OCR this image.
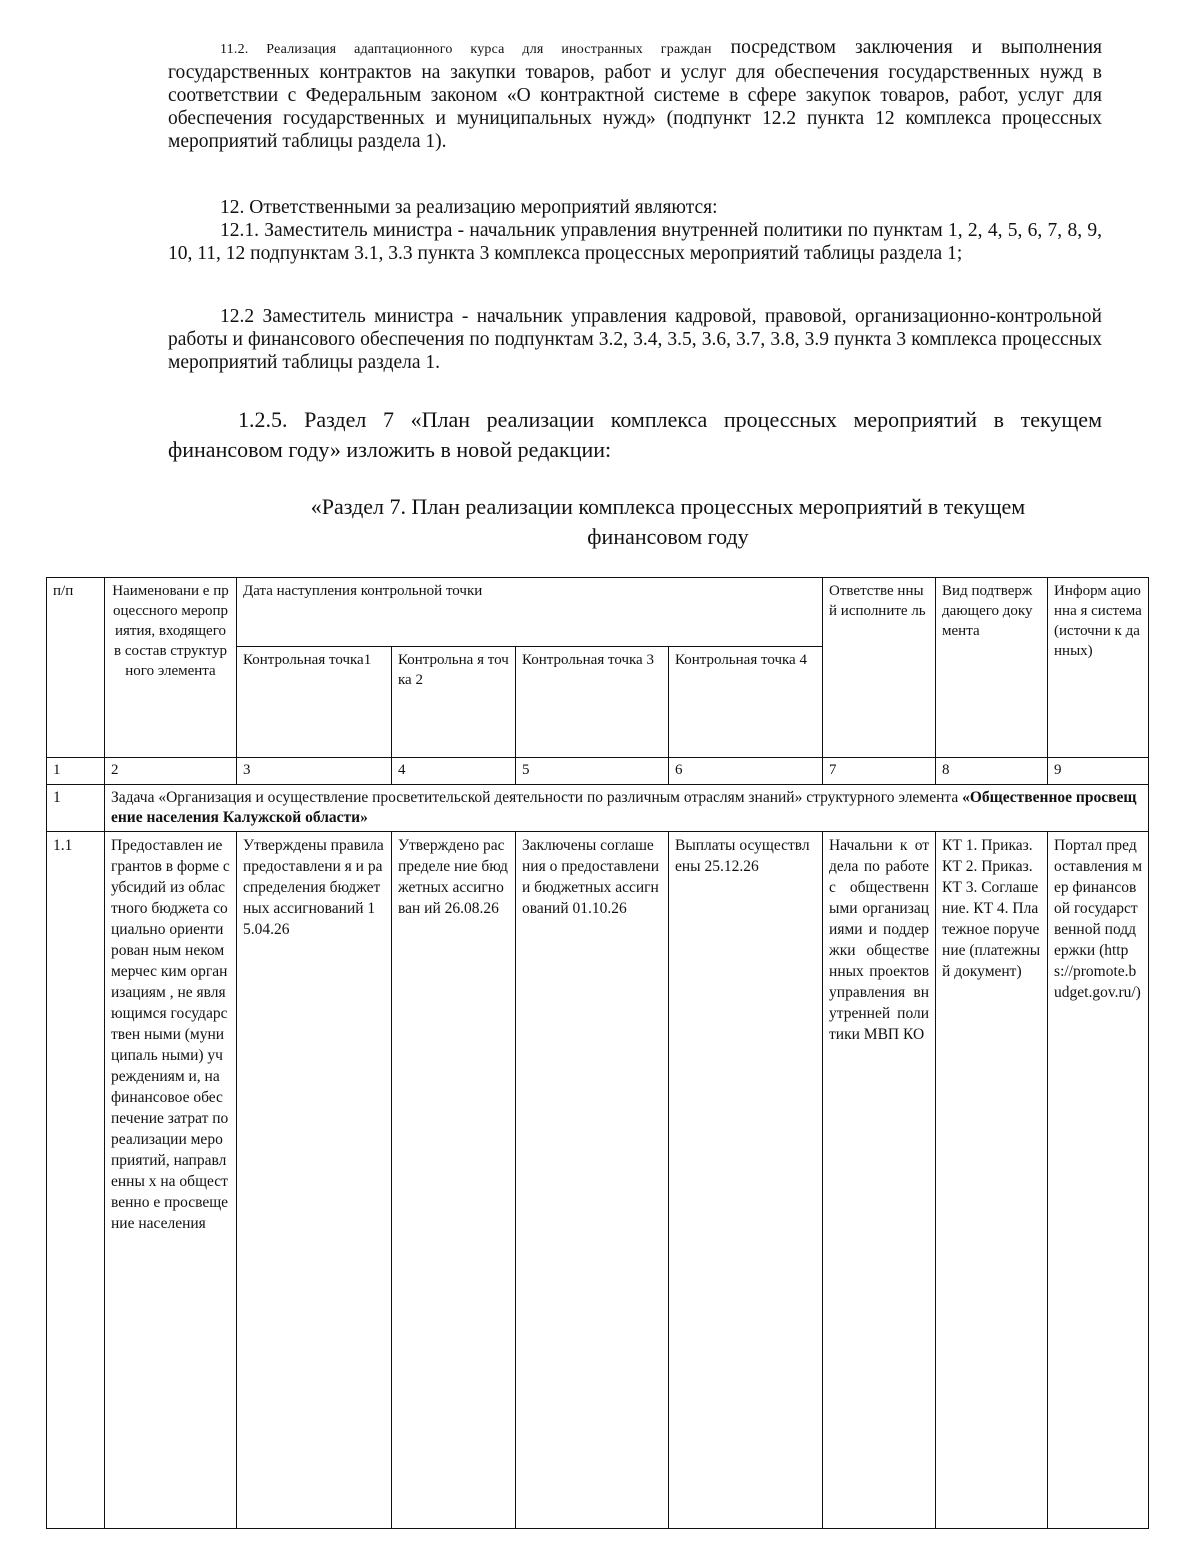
11.2. Реализация адаптационного курса для иностранных граждан посредством заключения и выполнения государственных контрактов на закупки товаров, работ и услуг для обеспечения государственных нужд в соответствии с Федеральным законом «О контрактной системе в сфере закупок товаров, работ, услуг для обеспечения государственных и муниципальных нужд» (подпункт 12.2 пункта 12 комплекса процессных мероприятий таблицы раздела 1).

12. Ответственными за реализацию мероприятий являются:

12.1. Заместитель министра - начальник управления внутренней политики по пунктам 1, 2, 4, 5, 6, 7, 8, 9, 10, 11, 12 подпунктам 3.1, 3.3 пункта 3 комплекса процессных мероприятий таблицы раздела 1;

12.2 Заместитель министра - начальник управления кадровой, правовой, организационно-контрольной работы и финансового обеспечения по подпунктам 3.2, 3.4, 3.5, 3.6, 3.7, 3.8, 3.9 пункта 3 комплекса процессных мероприятий таблицы раздела 1.

1.2.5. Раздел 7 «План реализации комплекса процессных мероприятий в текущем финансовом году» изложить в новой редакции:

«Раздел 7. План реализации комплекса процессных мероприятий в текущем
финансовом году
п/п	Наименовани е процессного мероприятия, входящего в состав структурного элемента	Дата наступления контрольной точки				Ответстве нный исполните ль	Вид подтверж дающего документа	Информ ационна я система (источни к данных)
		Контрольная точка1	Контрольна я точка 2	Контрольная точка 3	Контрольная точка 4			
1	2	3	4	5	6	7	8	9
1	Задача «Организация и осуществление просветительской деятельности по различным отраслям знаний» структурного элемента «Общественное просвещение населения Калужской области»							
1.1	Предоставлен ие грантов в форме субсидий из областного бюджета социально ориентирован ным некоммерчес ким организациям , не являющимся государствен ными (муниципаль ными) учреждениям и, на финансовое обеспечение затрат по реализации мероприятий, направленны х на общественно е просвещение населения	Утверждены правила предоставлени я и распределения бюджетных ассигнований 15.04.26	Утверждено распределе ние бюджетных ассигнован ий 26.08.26	Заключены соглашения о предоставлени и бюджетных ассигнований 01.10.26	Выплаты осуществлены 25.12.26	Начальни к отдела по работе с общественными организациями и поддержки общественных проектов управления внутренней политики МВП КО	КТ 1. Приказ. КТ 2. Приказ. КТ 3. Соглашение. КТ 4. Платежное поручение (платежный документ)	Портал предоставления мер финансовой государственной поддержки (https://promote.budget.gov.ru/)
